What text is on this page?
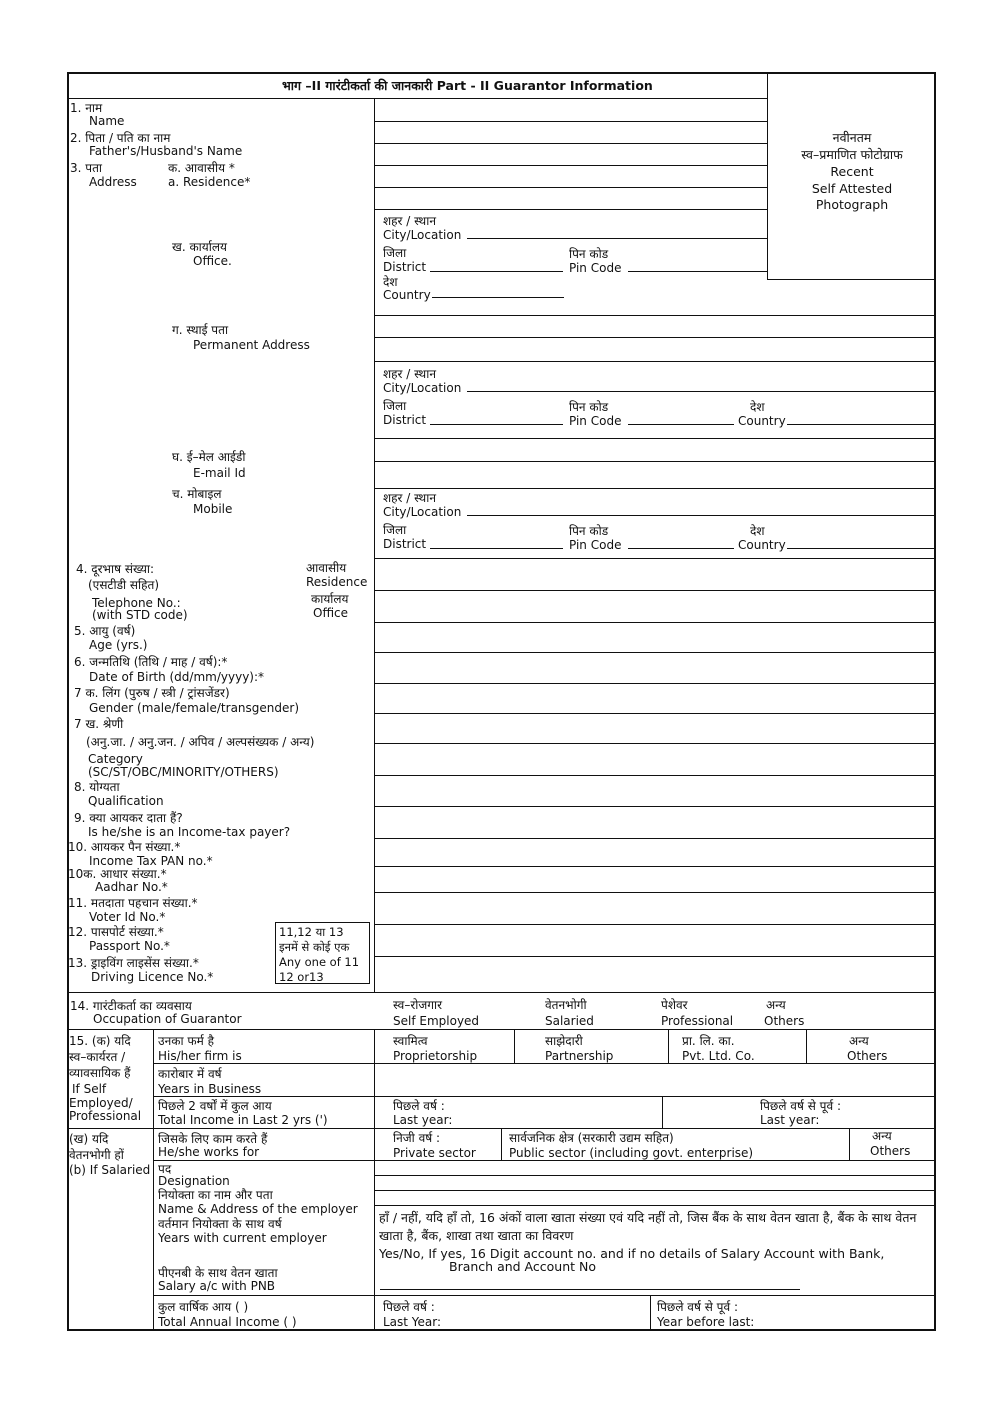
भाग –II गारंटीकर्ता की जानकारी Part - II Guarantor Information
नवीनतम
स्व–प्रमाणित फोटोग्राफ
Recent
Self Attested
Photograph
शहर / स्थान
City/Location
जिला
District
पिन कोड
Pin Code
देश
Country
शहर / स्थान
City/Location
जिला
District
पिन कोड
Pin Code
देश
Country
शहर / स्थान
City/Location
जिला
District
पिन कोड
Pin Code
देश
Country
1. नाम
Name
2. पिता / पति का नाम
Father's/Husband's Name
3. पता
Address
क. आवासीय *
a. Residence*
ख. कार्यालय
Office.
ग. स्थाई पता
Permanent Address
घ. ई–मेल आईडी
E-mail Id
च. मोबाइल
Mobile
4. दूरभाष संख्या:
(एसटीडी सहित)
Telephone No.:
(with STD code)
आवासीय
Residence
कार्यालय
Office
5. आयु (वर्ष)
Age (yrs.)
6. जन्मतिथि (तिथि / माह / वर्ष):*
Date of Birth (dd/mm/yyyy):*
7 क. लिंग (पुरुष / स्त्री / ट्रांसजेंडर)
Gender (male/female/transgender)
7 ख. श्रेणी
(अनु.जा. / अनु.जन. / अपिव / अल्पसंख्यक / अन्य)
Category
(SC/ST/OBC/MINORITY/OTHERS)
8. योग्यता
Qualification
9. क्या आयकर दाता हैं?
Is he/she is an Income-tax payer?
10. आयकर पैन संख्या.*
Income Tax PAN no.*
10क. आधार संख्या.*
Aadhar No.*
11. मतदाता पहचान संख्या.*
Voter Id No.*
12. पासपोर्ट संख्या.*
Passport No.*
13. ड्राइविंग लाइसेंस संख्या.*
Driving Licence No.*
11,12 या 13
इनमें से कोई एक
Any one of 11
12 or13
14. गारंटीकर्ता का व्यवसाय
Occupation of Guarantor
स्व–रोजगार
Self Employed
वेतनभोगी
Salaried
पेशेवर
Professional
अन्य
Others
15. (क) यदि
स्व–कार्यरत /
व्यावसायिक हैं
If Self
Employed/
Professional
उनका फर्म है
His/her firm is
स्वामित्व
Proprietorship
साझेदारी
Partnership
प्रा. लि. का.
Pvt. Ltd. Co.
अन्य
Others
कारोबार में वर्ष
Years in Business
पिछले 2 वर्षों में कुल आय
Total Income in Last 2 yrs (')
पिछले वर्ष :
Last year:
पिछले वर्ष से पूर्व :
Last year:
(ख) यदि
वेतनभोगी हों
(b) If Salaried
जिसके लिए काम करते हैं
He/she works for
निजी वर्ष :
Private sector
सार्वजनिक क्षेत्र (सरकारी उद्यम सहित)
Public sector (including govt. enterprise)
अन्य
Others
पद
Designation
नियोक्ता का नाम और पता
Name & Address of the employer
वर्तमान नियोक्ता के साथ वर्ष
Years with current employer
पीएनबी के साथ वेतन खाता
Salary a/c with PNB
हाँ / नहीं, यदि हाँ तो, 16 अंकों वाला खाता संख्या एवं यदि नहीं तो, जिस बैंक के साथ वेतन खाता है, बैंक के साथ वेतन खाता है, बैंक, शाखा तथा खाता का विवरण
Yes/No, If yes, 16 Digit account no. and if no details of Salary Account with Bank,
Branch and Account No
कुल वार्षिक आय ( )
Total Annual Income ( )
पिछले वर्ष :
Last Year:
पिछले वर्ष से पूर्व :
Year before last:
